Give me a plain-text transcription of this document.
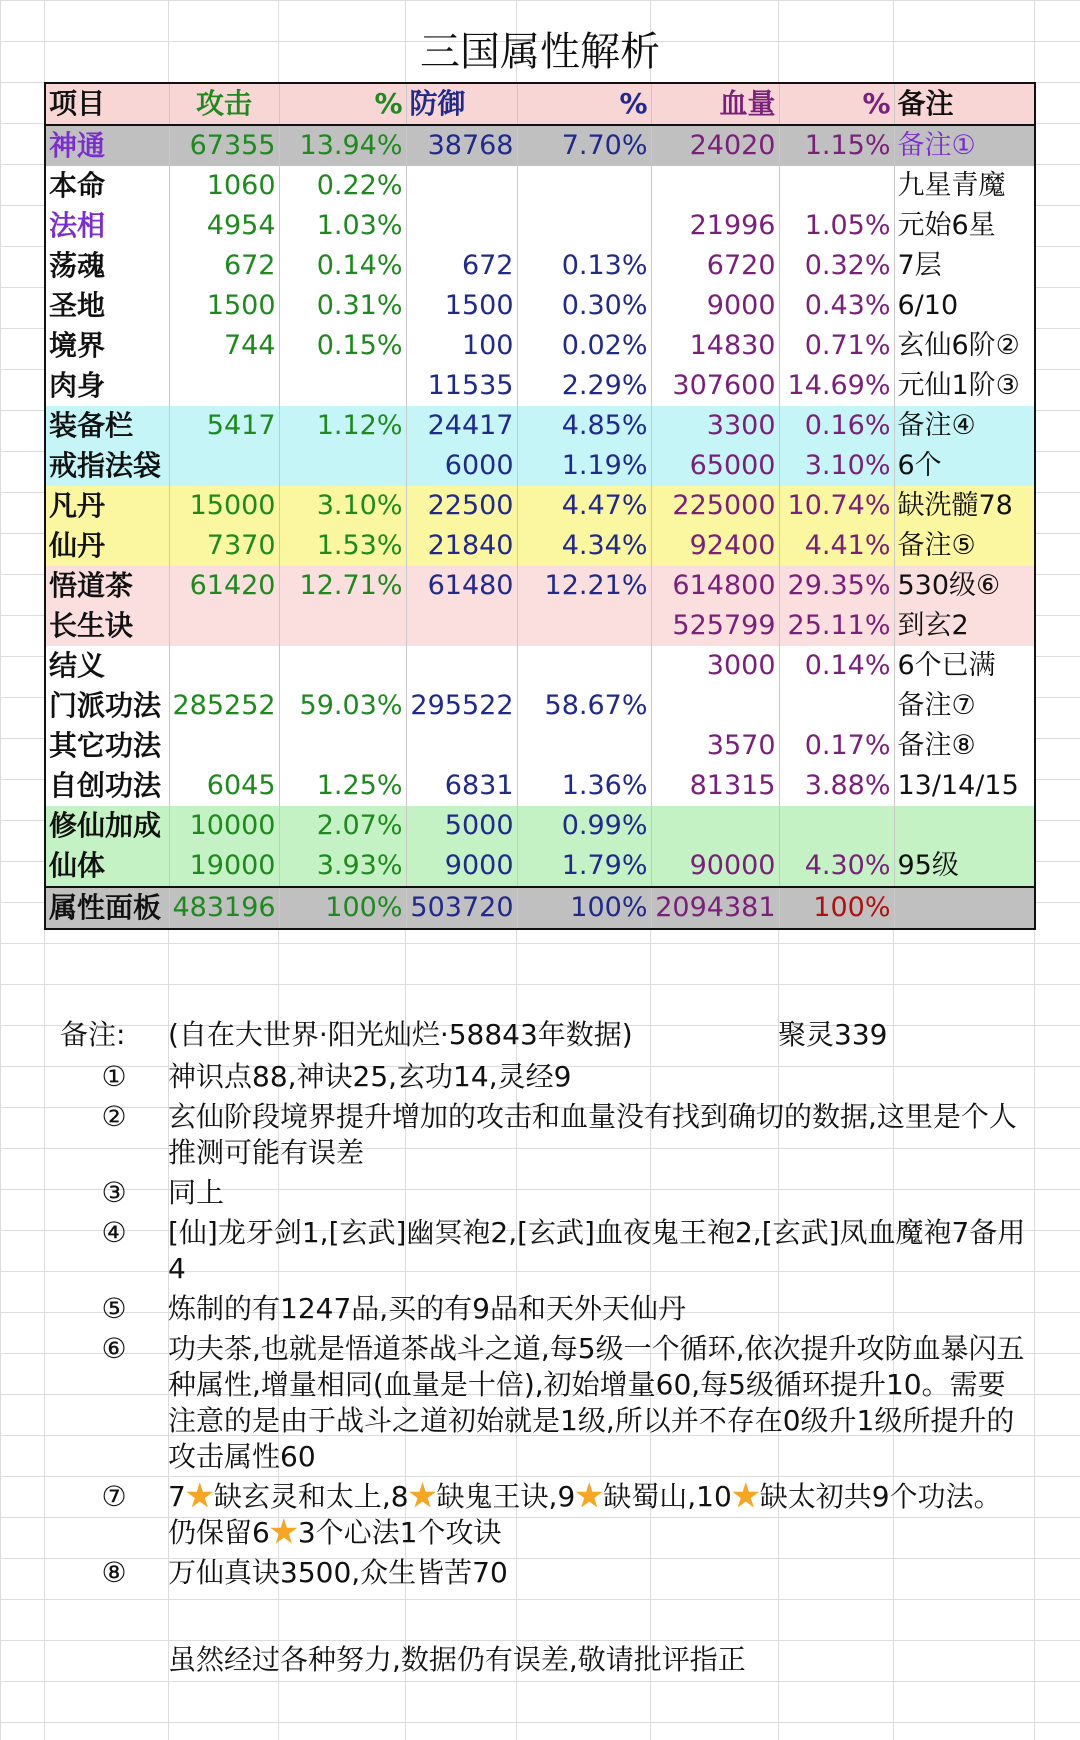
三国属性解析
项目	攻击	%	防御	%	血量	%	备注
神通	67355	13.94%	38768	7.70%	24020	1.15%	备注①
本命	1060	0.22%					九星青魔
法相	4954	1.03%			21996	1.05%	元始6星
荡魂	672	0.14%	672	0.13%	6720	0.32%	7层
圣地	1500	0.31%	1500	0.30%	9000	0.43%	6/10
境界	744	0.15%	100	0.02%	14830	0.71%	玄仙6阶②
肉身			11535	2.29%	307600	14.69%	元仙1阶③
装备栏	5417	1.12%	24417	4.85%	3300	0.16%	备注④
戒指法袋			6000	1.19%	65000	3.10%	6个
凡丹	15000	3.10%	22500	4.47%	225000	10.74%	缺洗髓78
仙丹	7370	1.53%	21840	4.34%	92400	4.41%	备注⑤
悟道茶	61420	12.71%	61480	12.21%	614800	29.35%	530级⑥
长生诀					525799	25.11%	到玄2
结义					3000	0.14%	6个已满
门派功法	285252	59.03%	295522	58.67%			备注⑦
其它功法					3570	0.17%	备注⑧
自创功法	6045	1.25%	6831	1.36%	81315	3.88%	13/14/15
修仙加成	10000	2.07%	5000	0.99%			
仙体	19000	3.93%	9000	1.79%	90000	4.30%	95级
属性面板	483196	100%	503720	100%	2094381	100%	
备注:	(自在大世界·阳光灿烂·58843年数据)	聚灵339
①	神识点88,神诀25,玄功14,灵经9
②	玄仙阶段境界提升增加的攻击和血量没有找到确切的数据,这里是个人推测可能有误差
③	同上
④	[仙]龙牙剑1,[玄武]幽冥袍2,[玄武]血夜鬼王袍2,[玄武]凤血魔袍7备用4
⑤	炼制的有1247品,买的有9品和天外天仙丹
⑥	功夫茶,也就是悟道茶战斗之道,每5级一个循环,依次提升攻防血暴闪五种属性,增量相同(血量是十倍),初始增量60,每5级循环提升10。需要注意的是由于战斗之道初始就是1级,所以并不存在0级升1级所提升的攻击属性60
⑦	7 缺玄灵和太上,8 缺鬼王诀,9 缺蜀山,10 缺太初共9个功法。仍保留6 3个心法1个攻诀
⑧	万仙真诀3500,众生皆苦70
虽然经过各种努力,数据仍有误差,敬请批评指正
